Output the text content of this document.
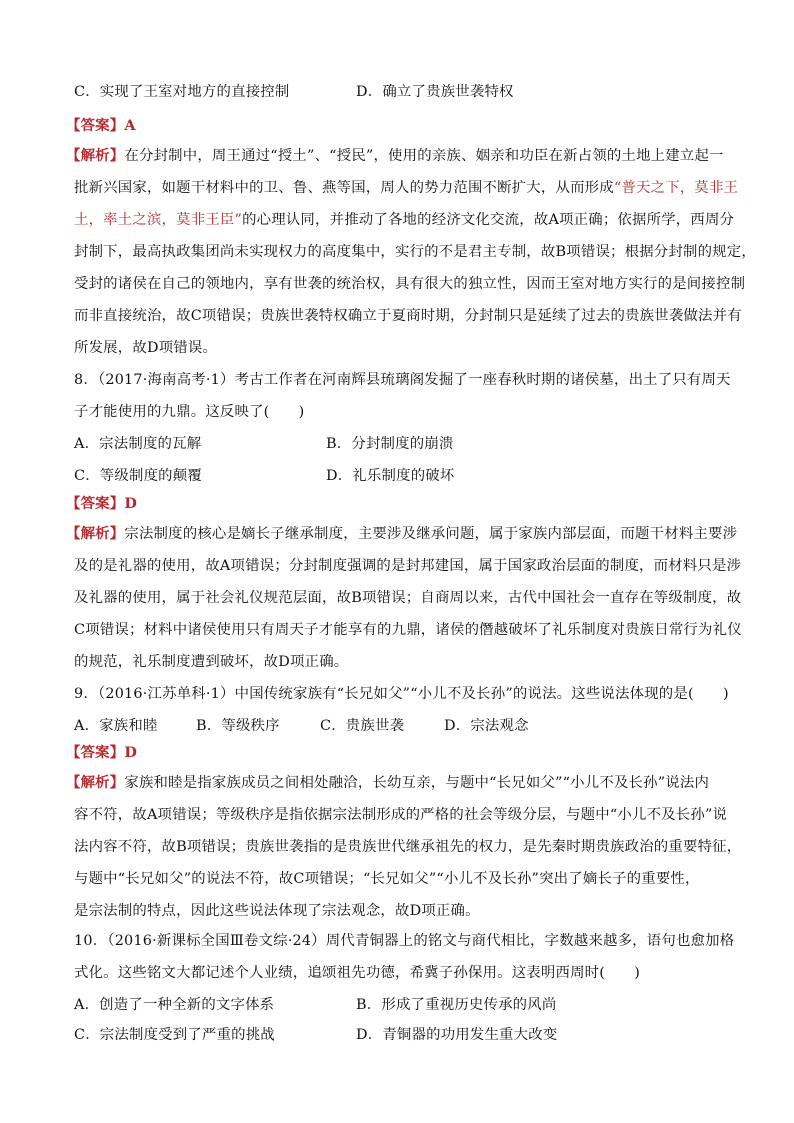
C．实现了王室对地方的直接控制	D．确立了贵族世袭特权
【答案】A
【解析】在分封制中，周王通过“授土”、“授民”，使用的亲族、姻亲和功臣在新占领的土地上建立起一
批新兴国家，如题干材料中的卫、鲁、燕等国，周人的势力范围不断扩大，从而形成“普天之下，莫非王
土，率土之滨，莫非王臣”的心理认同，并推动了各地的经济文化交流，故A项正确；依据所学，西周分
封制下，最高执政集团尚未实现权力的高度集中，实行的不是君主专制，故B项错误；根据分封制的规定，
受封的诸侯在自己的领地内，享有世袭的统治权，具有很大的独立性，因而王室对地方实行的是间接控制
而非直接统治，故C项错误；贵族世袭特权确立于夏商时期，分封制只是延续了过去的贵族世袭做法并有
所发展，故D项错误。
8．（2017·海南高考·1）考古工作者在河南辉县琉璃阁发掘了一座春秋时期的诸侯墓，出土了只有周天
子才能使用的九鼎。这反映了(　　)
A．宗法制度的瓦解	B．分封制度的崩溃
C．等级制度的颠覆	D．礼乐制度的破坏
【答案】D
【解析】宗法制度的核心是嫡长子继承制度，主要涉及继承问题，属于家族内部层面，而题干材料主要涉
及的是礼器的使用，故A项错误；分封制度强调的是封邦建国，属于国家政治层面的制度，而材料只是涉
及礼器的使用，属于社会礼仪规范层面，故B项错误；自商周以来，古代中国社会一直存在等级制度，故
C项错误；材料中诸侯使用只有周天子才能享有的九鼎，诸侯的僭越破坏了礼乐制度对贵族日常行为礼仪
的规范，礼乐制度遭到破坏，故D项正确。
9．（2016·江苏单科·1）中国传统家族有“长兄如父”“小儿不及长孙”的说法。这些说法体现的是(　　)
A．家族和睦	B．等级秩序	C．贵族世袭	D．宗法观念
【答案】D
【解析】家族和睦是指家族成员之间相处融洽，长幼互亲，与题中“长兄如父”“小儿不及长孙”说法内
容不符，故A项错误；等级秩序是指依据宗法制形成的严格的社会等级分层，与题中“小儿不及长孙”说
法内容不符，故B项错误；贵族世袭指的是贵族世代继承祖先的权力，是先秦时期贵族政治的重要特征，
与题中“长兄如父”的说法不符，故C项错误；“长兄如父”“小儿不及长孙”突出了嫡长子的重要性，
是宗法制的特点，因此这些说法体现了宗法观念，故D项正确。
10．（2016·新课标全国Ⅲ卷文综·24）周代青铜器上的铭文与商代相比，字数越来越多，语句也愈加格
式化。这些铭文大都记述个人业绩，追颂祖先功德，希冀子孙保用。这表明西周时(　　)
A．创造了一种全新的文字体系	B．形成了重视历史传承的风尚
C．宗法制度受到了严重的挑战	D．青铜器的功用发生重大改变
